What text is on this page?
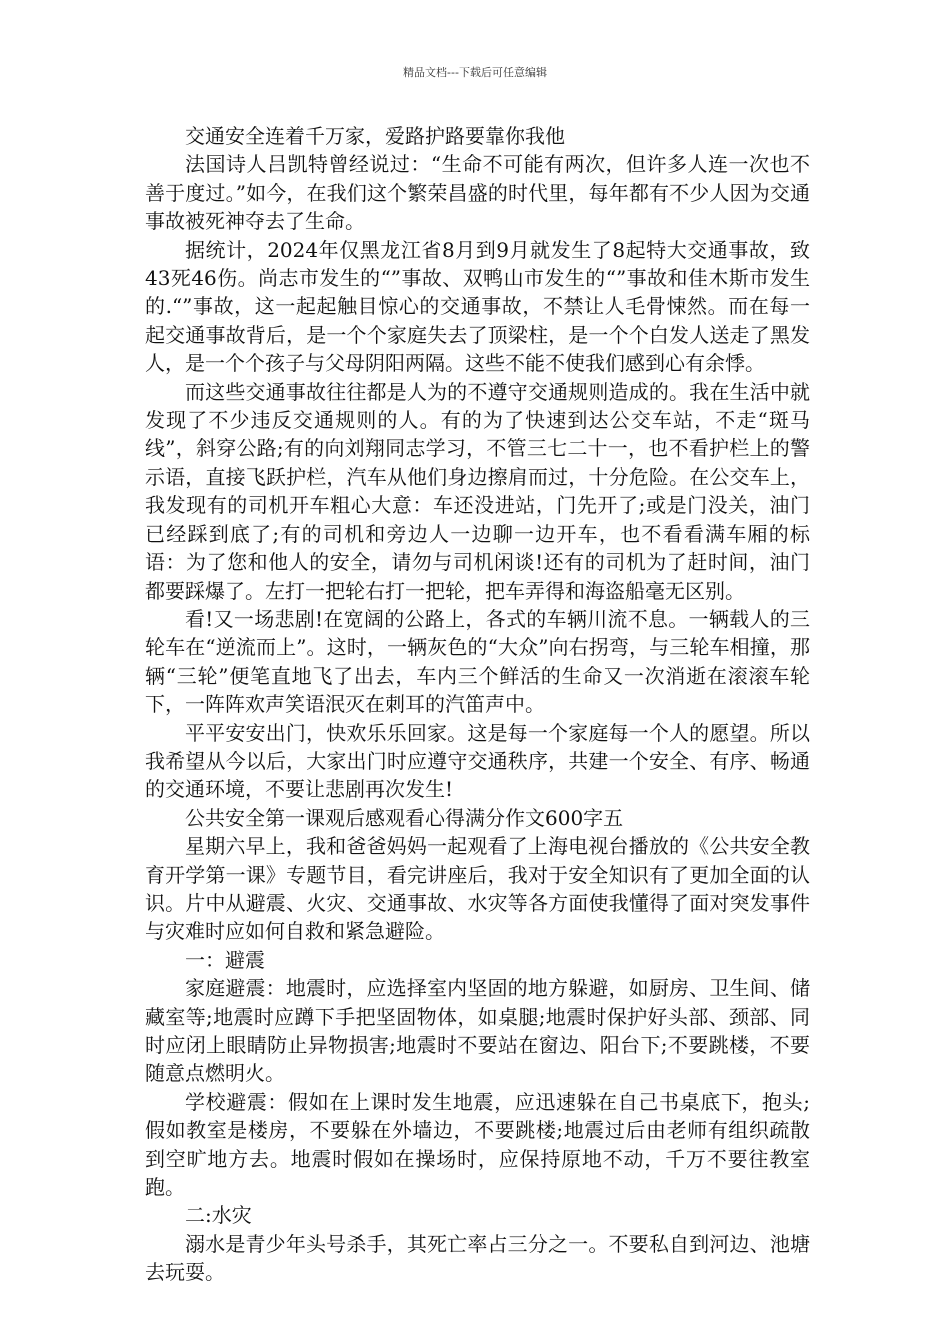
精品文档---下载后可任意编辑

交通安全连着千万家，爱路护路要靠你我他

法国诗人吕凯特曾经说过：“生命不可能有两次，但许多人连一次也不善于度过。”如今，在我们这个繁荣昌盛的时代里，每年都有不少人因为交通事故被死神夺去了生命。

据统计，2024年仅黑龙江省8月到9月就发生了8起特大交通事故，致43死46伤。尚志市发生的“”事故、双鸭山市发生的“”事故和佳木斯市发生的.“”事故，这一起起触目惊心的交通事故，不禁让人毛骨悚然。而在每一起交通事故背后，是一个个家庭失去了顶梁柱，是一个个白发人送走了黑发人，是一个个孩子与父母阴阳两隔。这些不能不使我们感到心有余悸。

而这些交通事故往往都是人为的不遵守交通规则造成的。我在生活中就发现了不少违反交通规则的人。有的为了快速到达公交车站，不走“斑马线”，斜穿公路;有的向刘翔同志学习，不管三七二十一，也不看护栏上的警示语，直接飞跃护栏，汽车从他们身边擦肩而过，十分危险。在公交车上，我发现有的司机开车粗心大意：车还没进站，门先开了;或是门没关，油门已经踩到底了;有的司机和旁边人一边聊一边开车，也不看看满车厢的标语：为了您和他人的安全，请勿与司机闲谈!还有的司机为了赶时间，油门都要踩爆了。左打一把轮右打一把轮，把车弄得和海盗船毫无区别。

看!又一场悲剧!在宽阔的公路上，各式的车辆川流不息。一辆载人的三轮车在“逆流而上”。这时，一辆灰色的“大众”向右拐弯，与三轮车相撞，那辆“三轮”便笔直地飞了出去，车内三个鲜活的生命又一次消逝在滚滚车轮下，一阵阵欢声笑语泯灭在刺耳的汽笛声中。

平平安安出门，快欢乐乐回家。这是每一个家庭每一个人的愿望。所以我希望从今以后，大家出门时应遵守交通秩序，共建一个安全、有序、畅通的交通环境，不要让悲剧再次发生!

公共安全第一课观后感观看心得满分作文600字五

星期六早上，我和爸爸妈妈一起观看了上海电视台播放的《公共安全教育开学第一课》专题节目，看完讲座后，我对于安全知识有了更加全面的认识。片中从避震、火灾、交通事故、水灾等各方面使我懂得了面对突发事件与灾难时应如何自救和紧急避险。

一：避震

家庭避震：地震时，应选择室内坚固的地方躲避，如厨房、卫生间、储藏室等;地震时应蹲下手把坚固物体，如桌腿;地震时保护好头部、颈部、同时应闭上眼睛防止异物损害;地震时不要站在窗边、阳台下;不要跳楼，不要随意点燃明火。

学校避震：假如在上课时发生地震，应迅速躲在自己书桌底下，抱头;假如教室是楼房，不要躲在外墙边，不要跳楼;地震过后由老师有组织疏散到空旷地方去。地震时假如在操场时，应保持原地不动，千万不要往教室跑。

二:水灾

溺水是青少年头号杀手，其死亡率占三分之一。不要私自到河边、池塘去玩耍。
